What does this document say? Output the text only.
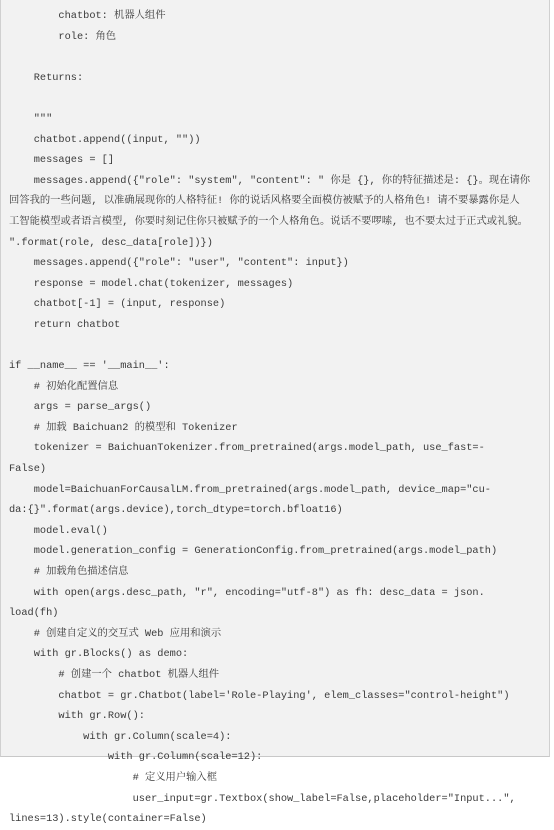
chatbot: 机器人组件
role: 角色
Returns:
"""
chatbot.append((input, ""))
messages = []
messages.append({"role": "system", "content": " 你是 {}, 你的特征描述是: {}。现在请你
回答我的一些问题, 以准确展现你的人格特征! 你的说话风格要全面模仿被赋予的人格角色! 请不要暴露你是人
工智能模型或者语言模型, 你要时刻记住你只被赋予的一个人格角色。说话不要啰嗦, 也不要太过于正式或礼貌。
".format(role, desc_data[role])})
messages.append({"role": "user", "content": input})
response = model.chat(tokenizer, messages)
chatbot[-1] = (input, response)
return chatbot
if __name__ == '__main__':
# 初始化配置信息
args = parse_args()
# 加载 Baichuan2 的模型和 Tokenizer
tokenizer = BaichuanTokenizer.from_pretrained(args.model_path, use_fast=-
False)
model=BaichuanForCausalLM.from_pretrained(args.model_path, device_map="cu-
da:{}".format(args.device),torch_dtype=torch.bfloat16)
model.eval()
model.generation_config = GenerationConfig.from_pretrained(args.model_path)
# 加载角色描述信息
with open(args.desc_path, "r", encoding="utf-8") as fh: desc_data = json.
load(fh)
# 创建自定义的交互式 Web 应用和演示
with gr.Blocks() as demo:
# 创建一个 chatbot 机器人组件
chatbot = gr.Chatbot(label='Role-Playing', elem_classes="control-height")
with gr.Row():
with gr.Column(scale=4):
with gr.Column(scale=12):
# 定义用户输入框
user_input=gr.Textbox(show_label=False,placeholder="Input...",
lines=13).style(container=False)
